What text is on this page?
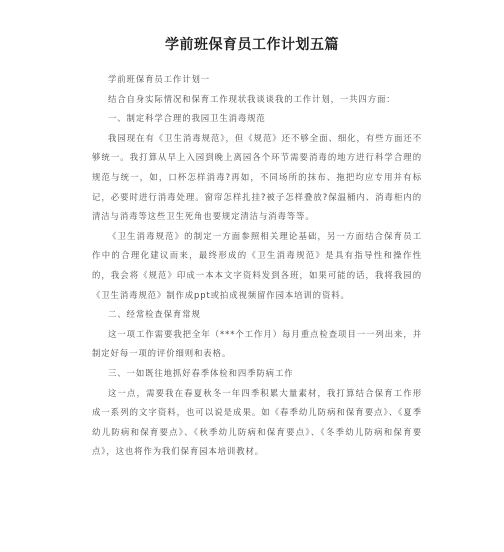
学前班保育员工作计划五篇

学前班保育员工作计划一

结合自身实际情况和保育工作现状我谈谈我的工作计划，一共四方面：

一、制定科学合理的我园卫生消毒规范

我园现在有《卫生消毒规范》，但《规范》还不够全面、细化，有些方面还不够统一。我打算从早上入园到晚上离园各个环节需要消毒的地方进行科学合理的规范与统一，如，口杯怎样消毒?再如，不同场所的抹布、拖把均应专用并有标记，必要时进行消毒处理。窗帘怎样扎挂?被子怎样叠放?保温桶内、消毒柜内的清洁与消毒等这些卫生死角也要规定清洁与消毒等等。

《卫生消毒规范》的制定一方面参照相关理论基础，另一方面结合保育员工作中的合理化建议而来，最终形成的《卫生消毒规范》是具有指导性和操作性的，我会将《规范》印成一本本文字资料发到各班，如果可能的话，我将我园的《卫生消毒规范》制作成ppt或拍成视频留作园本培训的资料。

二、经常检查保育常规

这一项工作需要我把全年（***个工作月）每月重点检查项目一一列出来，并制定好每一项的评价细则和表格。

三、一如既往地抓好春季体检和四季防病工作

这一点，需要我在春夏秋冬一年四季积累大量素材，我打算结合保育工作形成一系列的文字资料，也可以说是成果。如《春季幼儿防病和保育要点》、《夏季幼儿防病和保育要点》、《秋季幼儿防病和保育要点》、《冬季幼儿防病和保育要点》，这也将作为我们保育园本培训教材。
